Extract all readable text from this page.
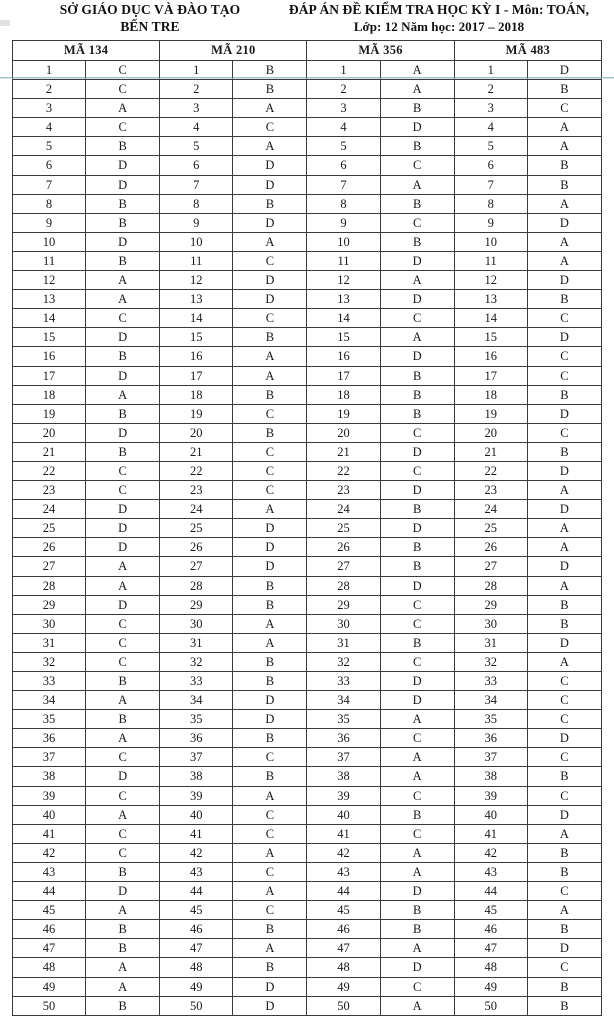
SỞ GIÁO DỤC VÀ ĐÀO TẠO
BẾN TRE
ĐÁP ÁN ĐỀ KIỂM TRA HỌC KỲ I - Môn: TOÁN,
Lớp: 12 Năm học: 2017 – 2018
MÃ 134		MÃ 210		MÃ 356		MÃ 483	
1	C	1	B	1	A	1	D
2	C	2	B	2	A	2	B
3	A	3	A	3	B	3	C
4	C	4	C	4	D	4	A
5	B	5	A	5	B	5	A
6	D	6	D	6	C	6	B
7	D	7	D	7	A	7	B
8	B	8	B	8	B	8	A
9	B	9	D	9	C	9	D
10	D	10	A	10	B	10	A
11	B	11	C	11	D	11	A
12	A	12	D	12	A	12	D
13	A	13	D	13	D	13	B
14	C	14	C	14	C	14	C
15	D	15	B	15	A	15	D
16	B	16	A	16	D	16	C
17	D	17	A	17	B	17	C
18	A	18	B	18	B	18	B
19	B	19	C	19	B	19	D
20	D	20	B	20	C	20	C
21	B	21	C	21	D	21	B
22	C	22	C	22	C	22	D
23	C	23	C	23	D	23	A
24	D	24	A	24	B	24	D
25	D	25	D	25	D	25	A
26	D	26	D	26	B	26	A
27	A	27	D	27	B	27	D
28	A	28	B	28	D	28	A
29	D	29	B	29	C	29	B
30	C	30	A	30	C	30	B
31	C	31	A	31	B	31	D
32	C	32	B	32	C	32	A
33	B	33	B	33	D	33	C
34	A	34	D	34	D	34	C
35	B	35	D	35	A	35	C
36	A	36	B	36	C	36	D
37	C	37	C	37	A	37	C
38	D	38	B	38	A	38	B
39	C	39	A	39	C	39	C
40	A	40	C	40	B	40	D
41	C	41	C	41	C	41	A
42	C	42	A	42	A	42	B
43	B	43	C	43	A	43	B
44	D	44	A	44	D	44	C
45	A	45	C	45	B	45	A
46	B	46	B	46	B	46	B
47	B	47	A	47	A	47	D
48	A	48	B	48	D	48	C
49	A	49	D	49	C	49	B
50	B	50	D	50	A	50	B
